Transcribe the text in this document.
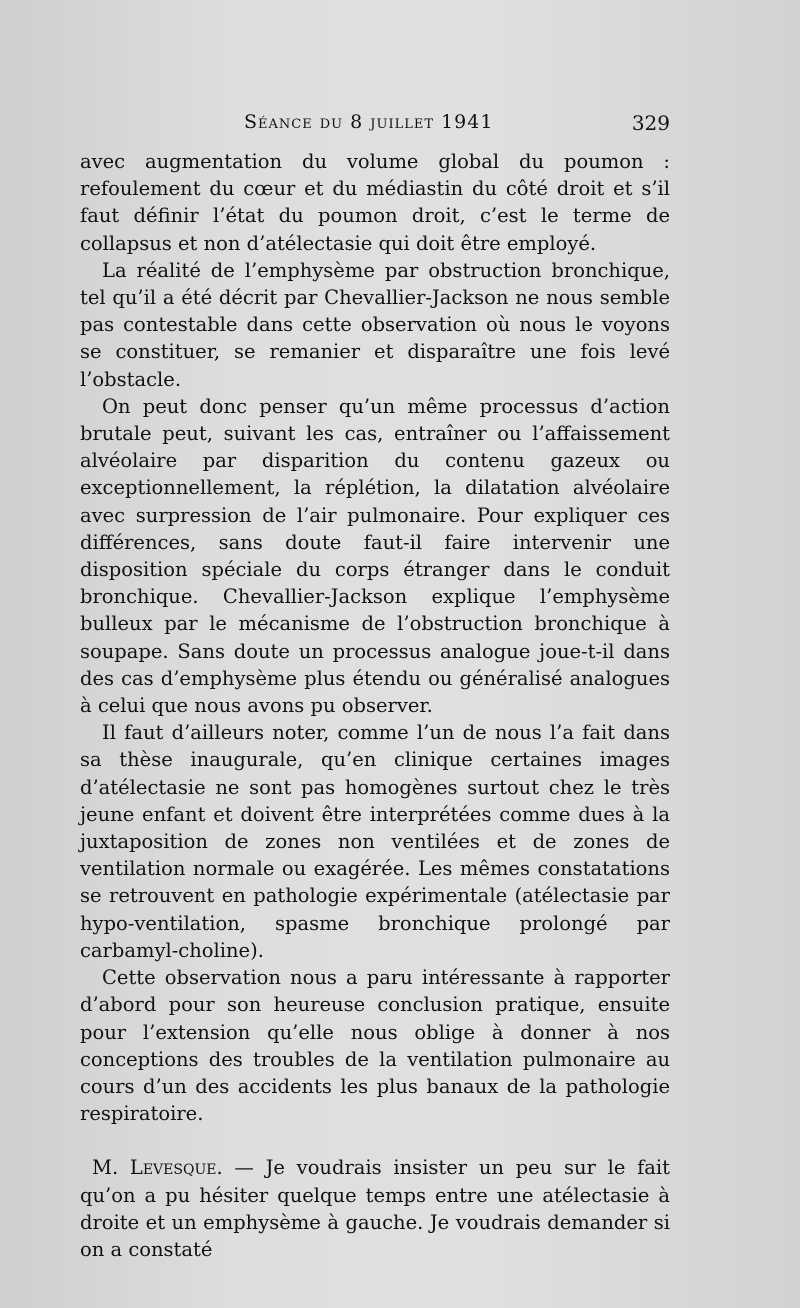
Séance du 8 juillet 1941	329

avec augmentation du volume global du poumon : refoulement du cœur et du médiastin du côté droit et s’il faut définir l’état du poumon droit, c’est le terme de collapsus et non d’atélectasie qui doit être employé.

La réalité de l’emphysème par obstruction bronchique, tel qu’il a été décrit par Chevallier-Jackson ne nous semble pas contestable dans cette observation où nous le voyons se constituer, se remanier et disparaître une fois levé l’obstacle.

On peut donc penser qu’un même processus d’action brutale peut, suivant les cas, entraîner ou l’affaissement alvéolaire par disparition du contenu gazeux ou exceptionnellement, la réplétion, la dilatation alvéolaire avec surpression de l’air pulmonaire. Pour expliquer ces différences, sans doute faut-il faire intervenir une disposition spéciale du corps étranger dans le conduit bronchique. Chevallier-Jackson explique l’emphysème bulleux par le mécanisme de l’obstruction bronchique à soupape. Sans doute un processus analogue joue-t-il dans des cas d’emphysème plus étendu ou généralisé analogues à celui que nous avons pu observer.

Il faut d’ailleurs noter, comme l’un de nous l’a fait dans sa thèse inaugurale, qu’en clinique certaines images d’atélectasie ne sont pas homogènes surtout chez le très jeune enfant et doivent être interprétées comme dues à la juxtaposition de zones non ventilées et de zones de ventilation normale ou exagérée. Les mêmes constatations se retrouvent en pathologie expérimentale (atélectasie par hypo-ventilation, spasme bronchique prolongé par carbamyl-choline).

Cette observation nous a paru intéressante à rapporter d’abord pour son heureuse conclusion pratique, ensuite pour l’extension qu’elle nous oblige à donner à nos conceptions des troubles de la ventilation pulmonaire au cours d’un des accidents les plus banaux de la pathologie respiratoire.

M. Levesque. — Je voudrais insister un peu sur le fait qu’on a pu hésiter quelque temps entre une atélectasie à droite et un emphysème à gauche. Je voudrais demander si on a constaté
